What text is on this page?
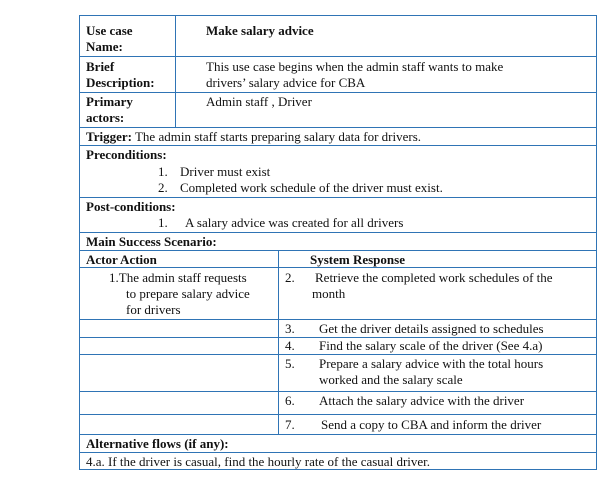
Use case
Name:
Make salary advice
Brief
Description:
This use case begins when the admin staff wants to make
drivers’ salary advice for CBA
Primary
actors:
Admin staff , Driver
Trigger: The admin staff starts preparing salary data for drivers.
Preconditions:
1. Driver must exist
2. Completed work schedule of the driver must exist.
Post-conditions:
1. A salary advice was created for all drivers
Main Success Scenario:
Actor Action	System Response
1.The admin staff requests
to prepare salary advice
for drivers
2. Retrieve the completed work schedules of the
month
3. Get the driver details assigned to schedules
4. Find the salary scale of the driver (See 4.a)
5. Prepare a salary advice with the total hours
worked and the salary scale
6. Attach the salary advice with the driver
7. Send a copy to CBA and inform the driver
Alternative flows (if any):
4.a. If the driver is casual, find the hourly rate of the casual driver.
